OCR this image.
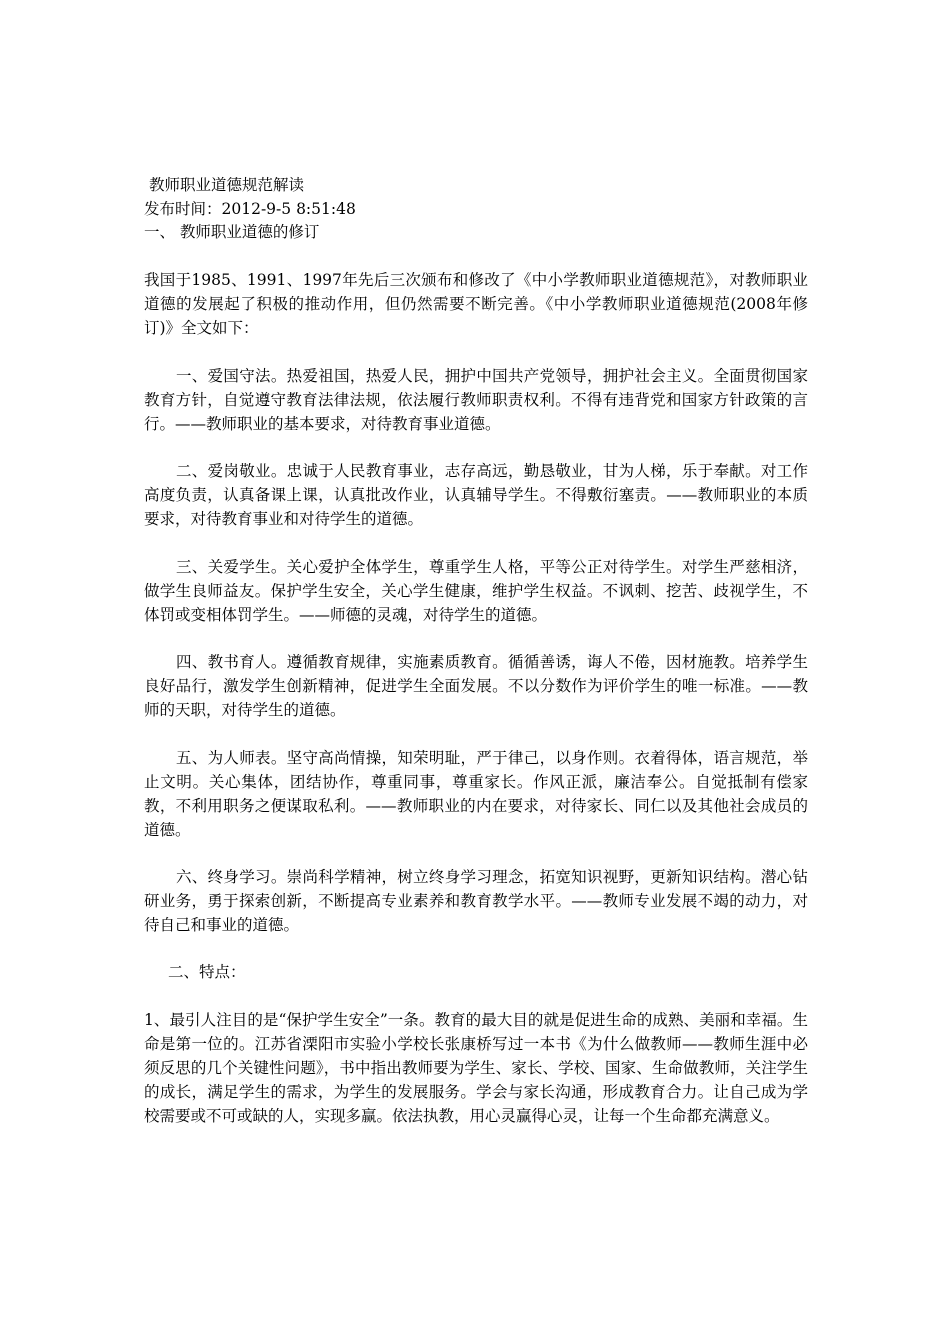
教师职业道德规范解读

发布时间：2012-9-5 8:51:48

一、 教师职业道德的修订

我国于1985、1991、1997年先后三次颁布和修改了《中小学教师职业道德规范》，对教师职业道德的发展起了积极的推动作用，但仍然需要不断完善。《中小学教师职业道德规范(2008年修订)》全文如下：

一、爱国守法。热爱祖国，热爱人民，拥护中国共产党领导，拥护社会主义。全面贯彻国家教育方针，自觉遵守教育法律法规，依法履行教师职责权利。不得有违背党和国家方针政策的言行。——教师职业的基本要求，对待教育事业道德。

二、爱岗敬业。忠诚于人民教育事业，志存高远，勤恳敬业，甘为人梯，乐于奉献。对工作高度负责，认真备课上课，认真批改作业，认真辅导学生。不得敷衍塞责。——教师职业的本质要求，对待教育事业和对待学生的道德。

三、关爱学生。关心爱护全体学生，尊重学生人格，平等公正对待学生。对学生严慈相济，做学生良师益友。保护学生安全，关心学生健康，维护学生权益。不讽刺、挖苦、歧视学生，不体罚或变相体罚学生。——师德的灵魂，对待学生的道德。

四、教书育人。遵循教育规律，实施素质教育。循循善诱，诲人不倦，因材施教。培养学生良好品行，激发学生创新精神，促进学生全面发展。不以分数作为评价学生的唯一标准。——教师的天职，对待学生的道德。

五、为人师表。坚守高尚情操，知荣明耻，严于律己，以身作则。衣着得体，语言规范，举止文明。关心集体，团结协作，尊重同事，尊重家长。作风正派，廉洁奉公。自觉抵制有偿家教，不利用职务之便谋取私利。——教师职业的内在要求，对待家长、同仁以及其他社会成员的道德。

六、终身学习。崇尚科学精神，树立终身学习理念，拓宽知识视野，更新知识结构。潜心钻研业务，勇于探索创新，不断提高专业素养和教育教学水平。——教师专业发展不竭的动力，对待自己和事业的道德。

二、特点：

1、最引人注目的是“保护学生安全”一条。教育的最大目的就是促进生命的成熟、美丽和幸福。生命是第一位的。江苏省溧阳市实验小学校长张康桥写过一本书《为什么做教师——教师生涯中必须反思的几个关键性问题》，书中指出教师要为学生、家长、学校、国家、生命做教师，关注学生的成长，满足学生的需求，为学生的发展服务。学会与家长沟通，形成教育合力。让自己成为学校需要或不可或缺的人，实现多赢。依法执教，用心灵赢得心灵，让每一个生命都充满意义。
